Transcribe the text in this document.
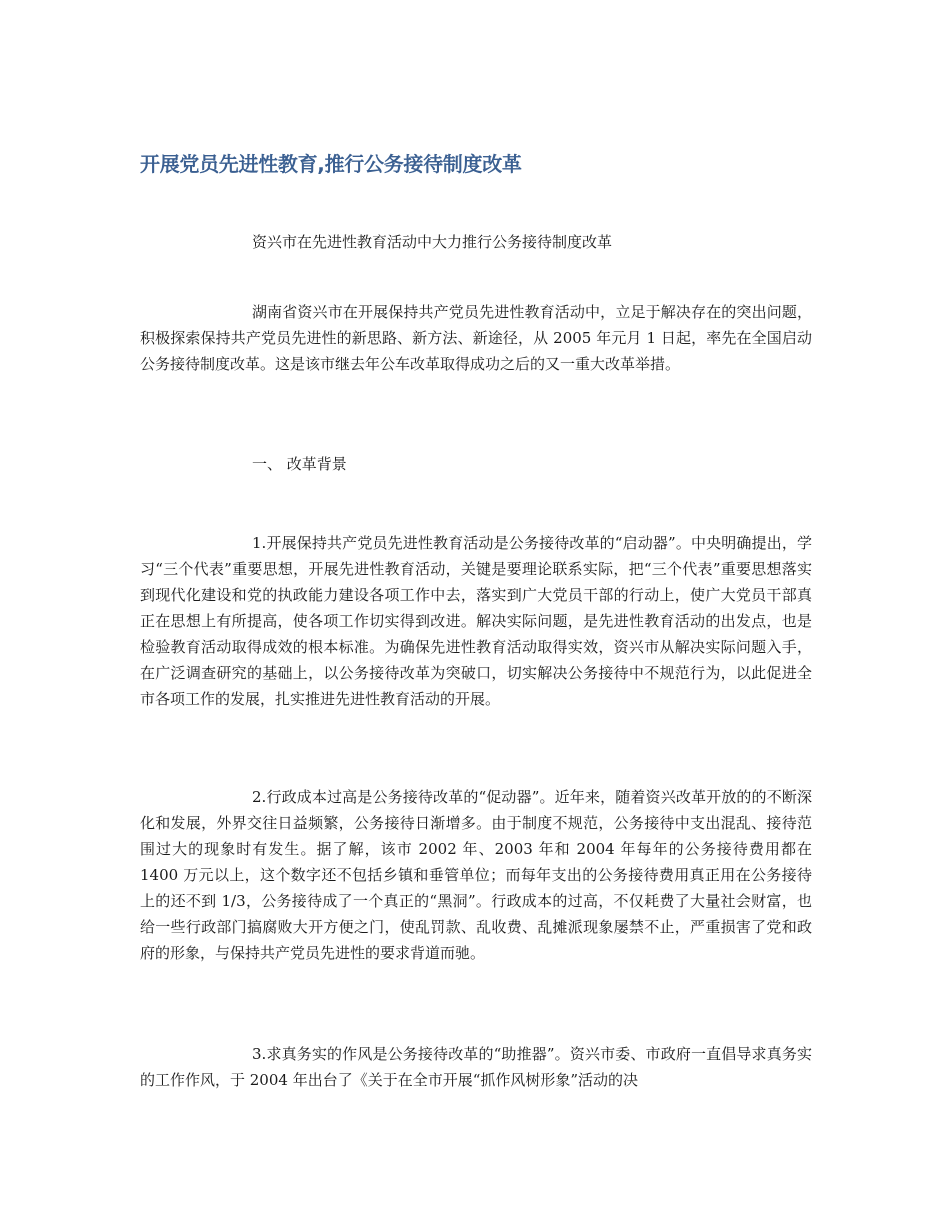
开展党员先进性教育,推行公务接待制度改革
资兴市在先进性教育活动中大力推行公务接待制度改革
湖南省资兴市在开展保持共产党员先进性教育活动中，立足于解决存在的突出问题，积极探索保持共产党员先进性的新思路、新方法、新途径，从 2005 年元月 1 日起，率先在全国启动公务接待制度改革。这是该市继去年公车改革取得成功之后的又一重大改革举措。
一、 改革背景
1.开展保持共产党员先进性教育活动是公务接待改革的“启动器”。中央明确提出，学习“三个代表”重要思想，开展先进性教育活动，关键是要理论联系实际，把“三个代表”重要思想落实到现代化建设和党的执政能力建设各项工作中去，落实到广大党员干部的行动上，使广大党员干部真正在思想上有所提高，使各项工作切实得到改进。解决实际问题，是先进性教育活动的出发点，也是检验教育活动取得成效的根本标准。为确保先进性教育活动取得实效，资兴市从解决实际问题入手，在广泛调查研究的基础上，以公务接待改革为突破口，切实解决公务接待中不规范行为，以此促进全市各项工作的发展，扎实推进先进性教育活动的开展。
2.行政成本过高是公务接待改革的“促动器”。近年来，随着资兴改革开放的的不断深化和发展，外界交往日益频繁，公务接待日渐增多。由于制度不规范，公务接待中支出混乱、接待范围过大的现象时有发生。据了解，该市 2002 年、2003 年和 2004 年每年的公务接待费用都在 1400 万元以上，这个数字还不包括乡镇和垂管单位；而每年支出的公务接待费用真正用在公务接待上的还不到 1/3，公务接待成了一个真正的“黑洞”。行政成本的过高，不仅耗费了大量社会财富，也给一些行政部门搞腐败大开方便之门，使乱罚款、乱收费、乱摊派现象屡禁不止，严重损害了党和政府的形象，与保持共产党员先进性的要求背道而驰。
3.求真务实的作风是公务接待改革的“助推器”。资兴市委、市政府一直倡导求真务实的工作作风，于 2004 年出台了《关于在全市开展“抓作风树形象”活动的决
